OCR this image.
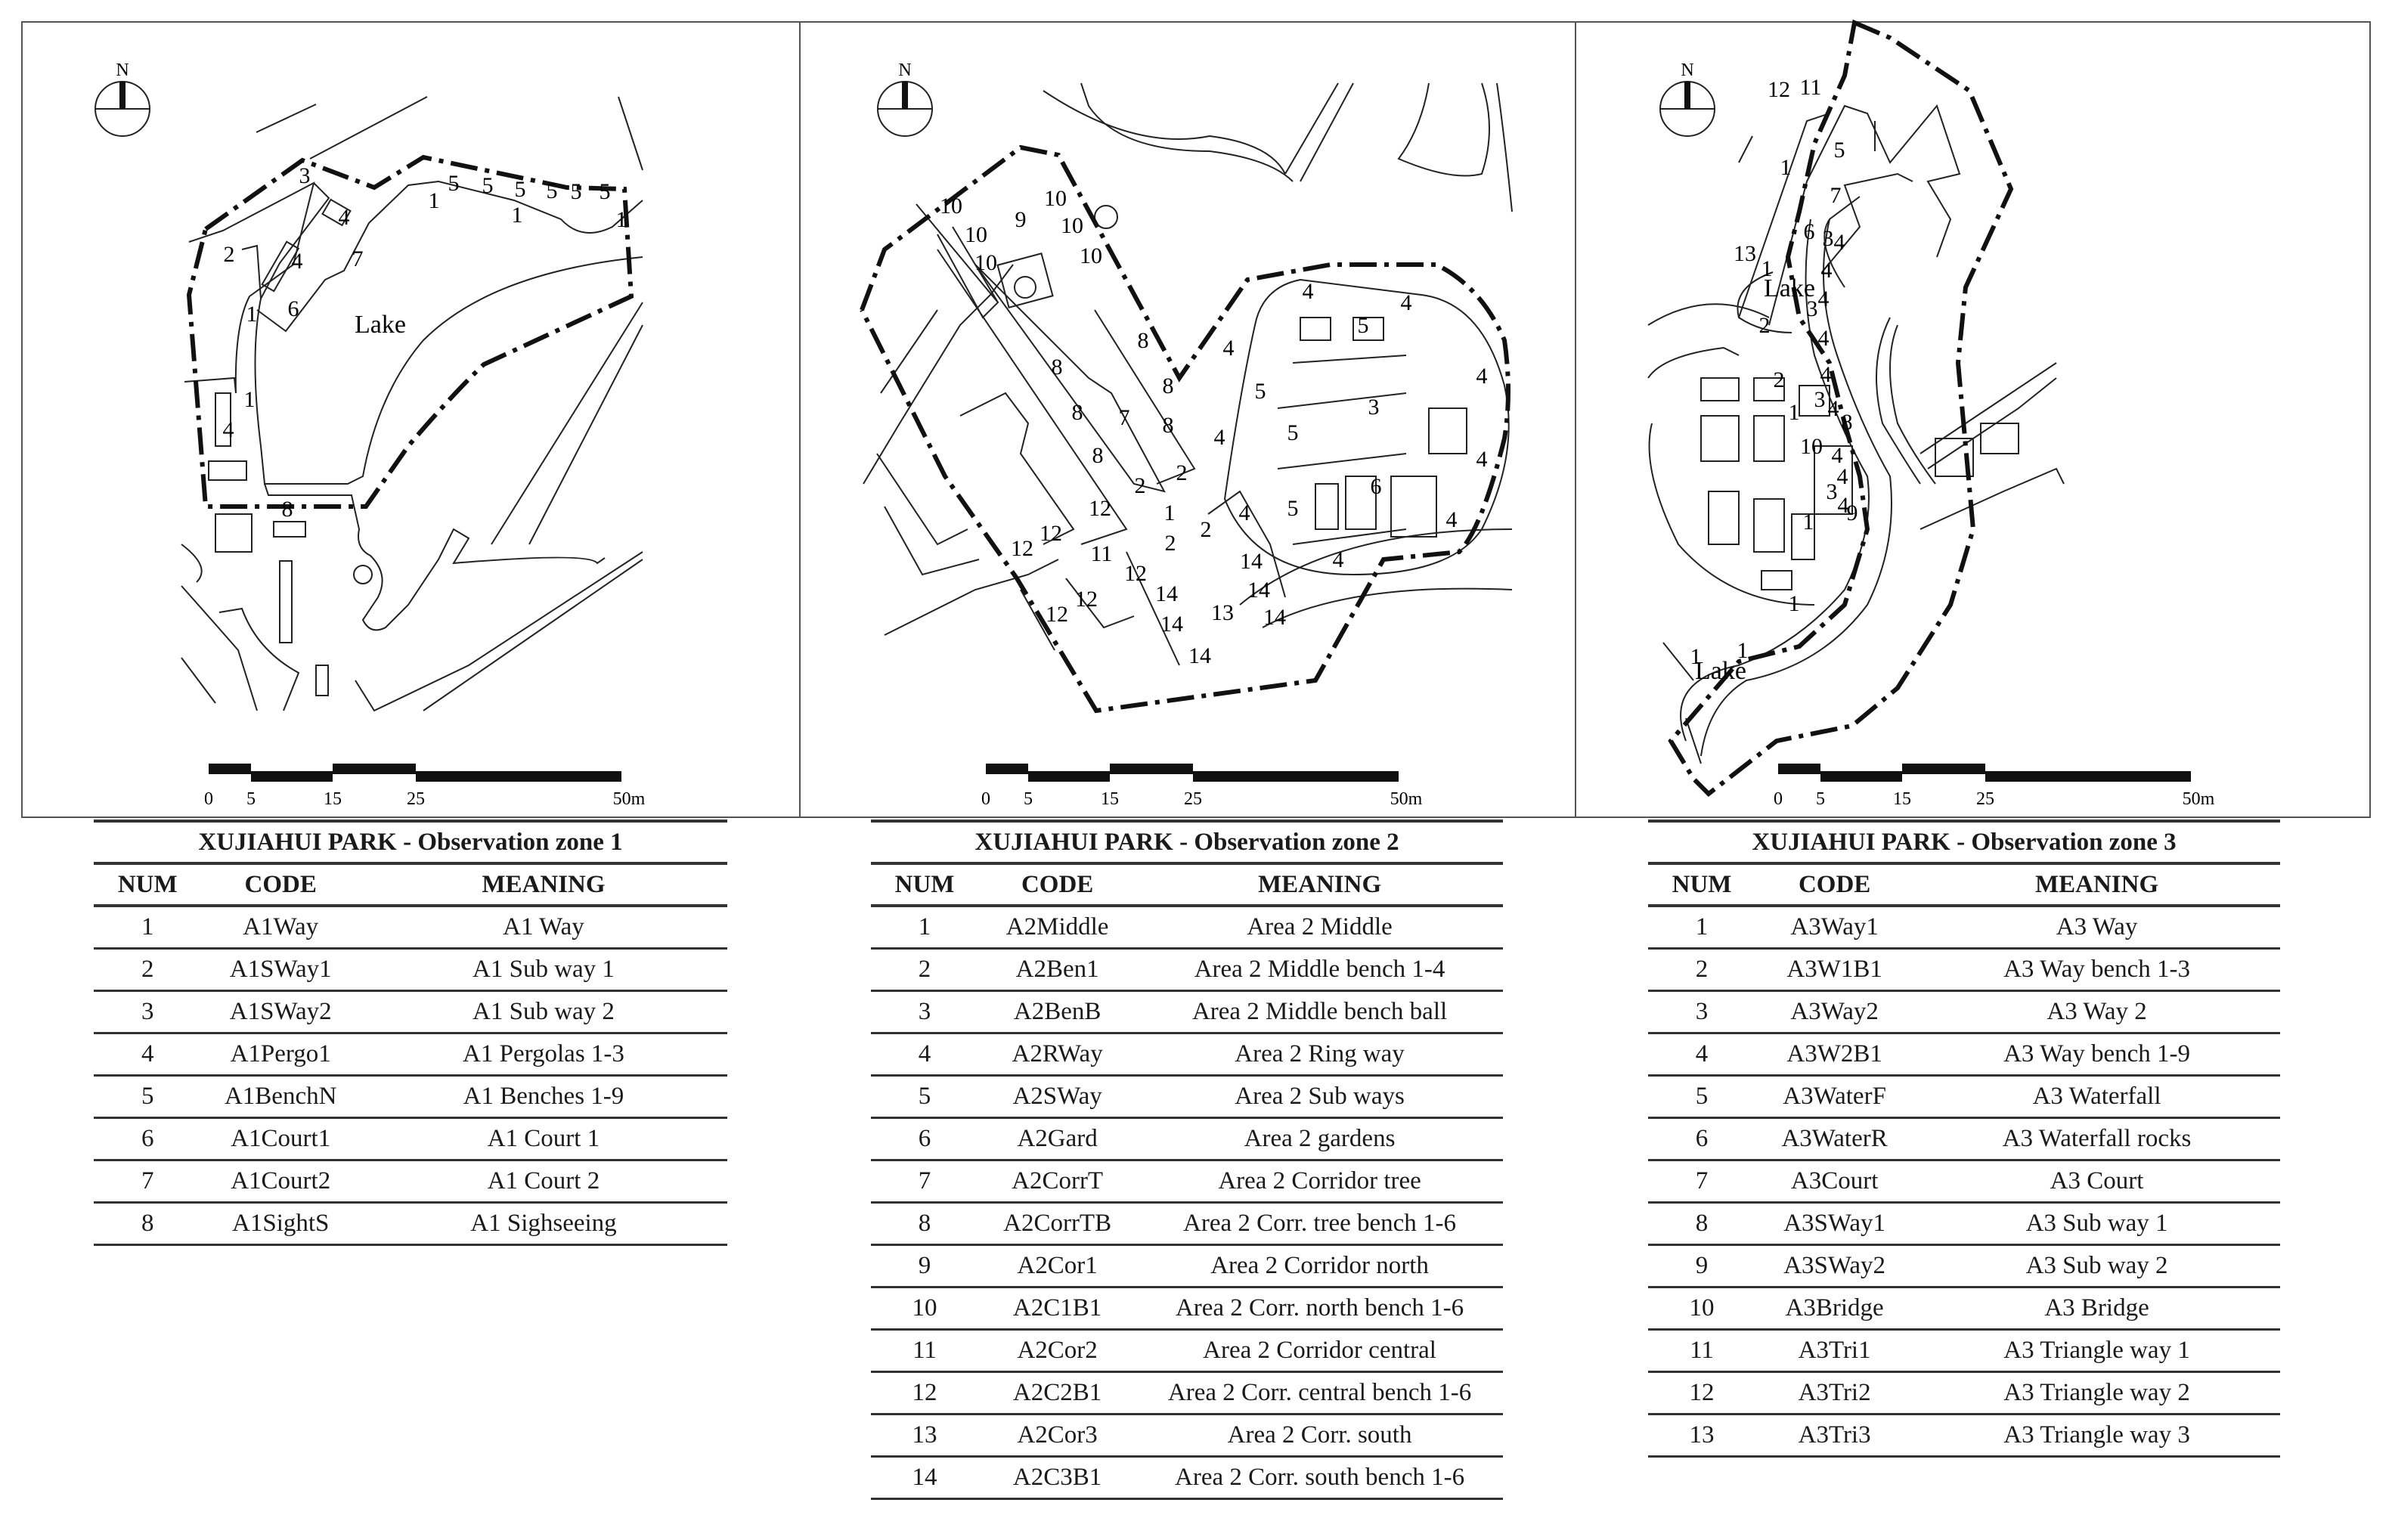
N	N	N
3	5 5 5 5 5 5
1
1	1
4
2	4 7
1 6
1
4
8
10
10
9
10
10
10	10
8
8
8 7
8
8
8
2
2
12 1
2
12
12	11 2
12
12
12
14
14
14
13
14
14
14
4
5
4
4
5
3
5
4
4
4
6
5
4	4
4
12 11
1
5
7
6 3 4
13
1 4
3 4
2
4
2 4
3 4
1 8
10 4
4
3
4
9
1
1
1
1
Lake
0 5	15	25	50m	0 5	15	25	50m
Lake
Lake
0 5	15	25	50m
XUJIAHUI PARK - Observation zone 1		
NUM	CODE	MEANING
1	A1Way	A1 Way
2	A1SWay1	A1 Sub way 1
3	A1SWay2	A1 Sub way 2
4	A1Pergo1	A1 Pergolas 1-3
5	A1BenchN	A1 Benches 1-9
6	A1Court1	A1 Court 1
7	A1Court2	A1 Court 2
8	A1SightS	A1 Sighseeing
XUJIAHUI PARK - Observation zone 2		
NUM	CODE	MEANING
1	A2Middle	Area 2 Middle
2	A2Ben1	Area 2 Middle bench 1-4
3	A2BenB	Area 2 Middle bench ball
4	A2RWay	Area 2 Ring way
5	A2SWay	Area 2 Sub ways
6	A2Gard	Area 2 gardens
7	A2CorrT	Area 2 Corridor tree
8	A2CorrTB	Area 2 Corr. tree bench 1-6
9	A2Cor1	Area 2 Corridor north
10	A2C1B1	Area 2 Corr. north bench 1-6
11	A2Cor2	Area 2 Corridor central
12	A2C2B1	Area 2 Corr. central bench 1-6
13	A2Cor3	Area 2 Corr. south
14	A2C3B1	Area 2 Corr. south bench 1-6
XUJIAHUI PARK - Observation zone 3		
NUM	CODE	MEANING
1	A3Way1	A3 Way
2	A3W1B1	A3 Way bench 1-3
3	A3Way2	A3 Way 2
4	A3W2B1	A3 Way bench 1-9
5	A3WaterF	A3 Waterfall
6	A3WaterR	A3 Waterfall rocks
7	A3Court	A3 Court
8	A3SWay1	A3 Sub way 1
9	A3SWay2	A3 Sub way 2
10	A3Bridge	A3 Bridge
11	A3Tri1	A3 Triangle way 1
12	A3Tri2	A3 Triangle way 2
13	A3Tri3	A3 Triangle way 3
